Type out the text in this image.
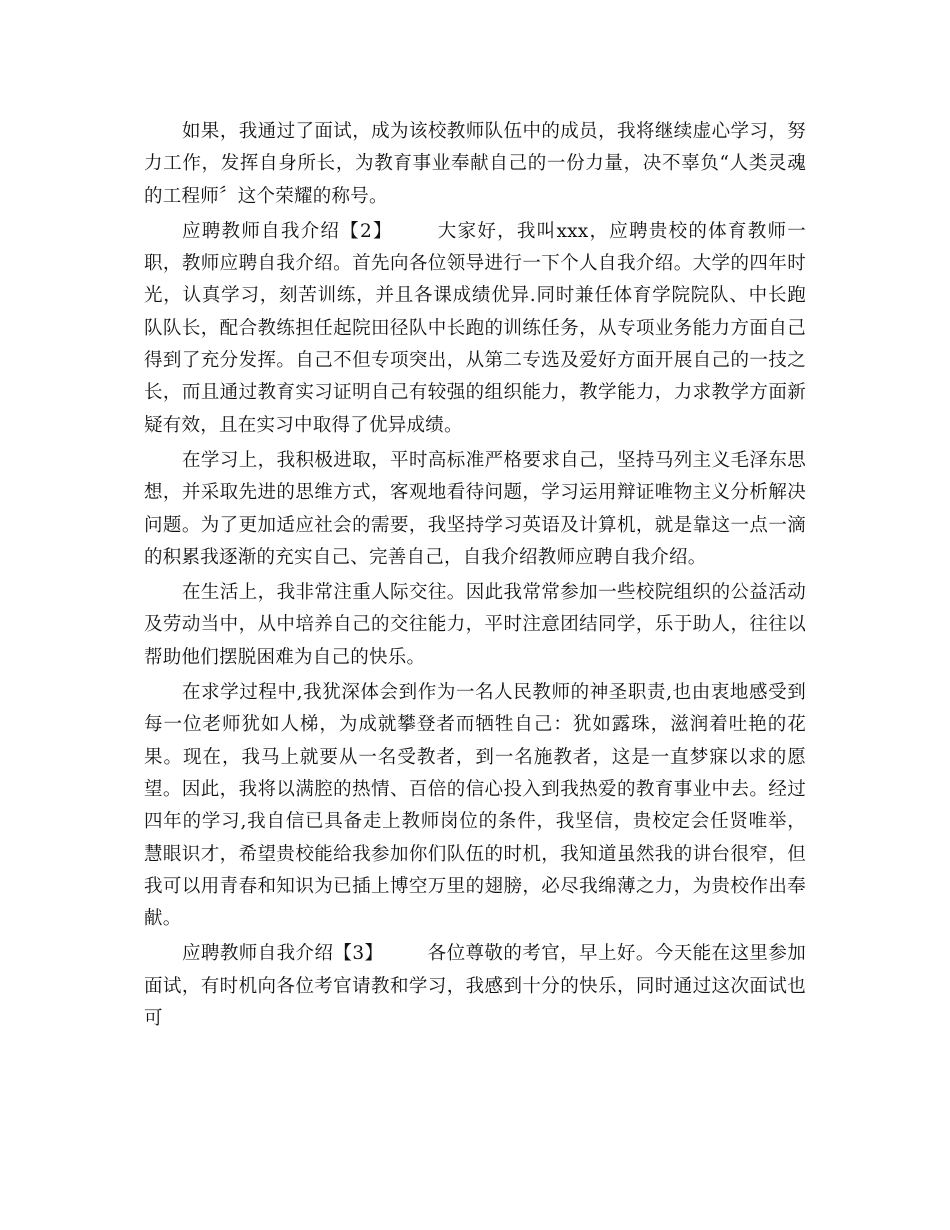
如果，我通过了面试，成为该校教师队伍中的成员，我将继续虚心学习，努力工作，发挥自身所长，为教育事业奉献自己的一份力量，决不辜负“人类灵魂的工程师〞这个荣耀的称号。

应聘教师自我介绍【2】 大家好，我叫xxx，应聘贵校的体育教师一职，教师应聘自我介绍。首先向各位领导进行一下个人自我介绍。大学的四年时光，认真学习，刻苦训练，并且各课成绩优异.同时兼任体育学院院队、中长跑队队长，配合教练担任起院田径队中长跑的训练任务，从专项业务能力方面自己得到了充分发挥。自己不但专项突出，从第二专选及爱好方面开展自己的一技之长，而且通过教育实习证明自己有较强的组织能力，教学能力，力求教学方面新疑有效，且在实习中取得了优异成绩。

在学习上，我积极进取，平时高标准严格要求自己，坚持马列主义毛泽东思想，并采取先进的思维方式，客观地看待问题，学习运用辩证唯物主义分析解决问题。为了更加适应社会的需要，我坚持学习英语及计算机，就是靠这一点一滴的积累我逐渐的充实自己、完善自己，自我介绍教师应聘自我介绍。

在生活上，我非常注重人际交往。因此我常常参加一些校院组织的公益活动及劳动当中，从中培养自己的交往能力，平时注意团结同学，乐于助人，往往以帮助他们摆脱困难为自己的快乐。

在求学过程中,我犹深体会到作为一名人民教师的神圣职责,也由衷地感受到每一位老师犹如人梯，为成就攀登者而牺牲自己：犹如露珠，滋润着吐艳的花果。现在，我马上就要从一名受教者，到一名施教者，这是一直梦寐以求的愿望。因此，我将以满腔的热情、百倍的信心投入到我热爱的教育事业中去。经过四年的学习,我自信已具备走上教师岗位的条件，我坚信，贵校定会任贤唯举，慧眼识才，希望贵校能给我参加你们队伍的时机，我知道虽然我的讲台很窄，但我可以用青春和知识为已插上博空万里的翅膀，必尽我绵薄之力，为贵校作出奉献。

应聘教师自我介绍【3】 各位尊敬的考官，早上好。今天能在这里参加面试，有时机向各位考官请教和学习，我感到十分的快乐，同时通过这次面试也可
